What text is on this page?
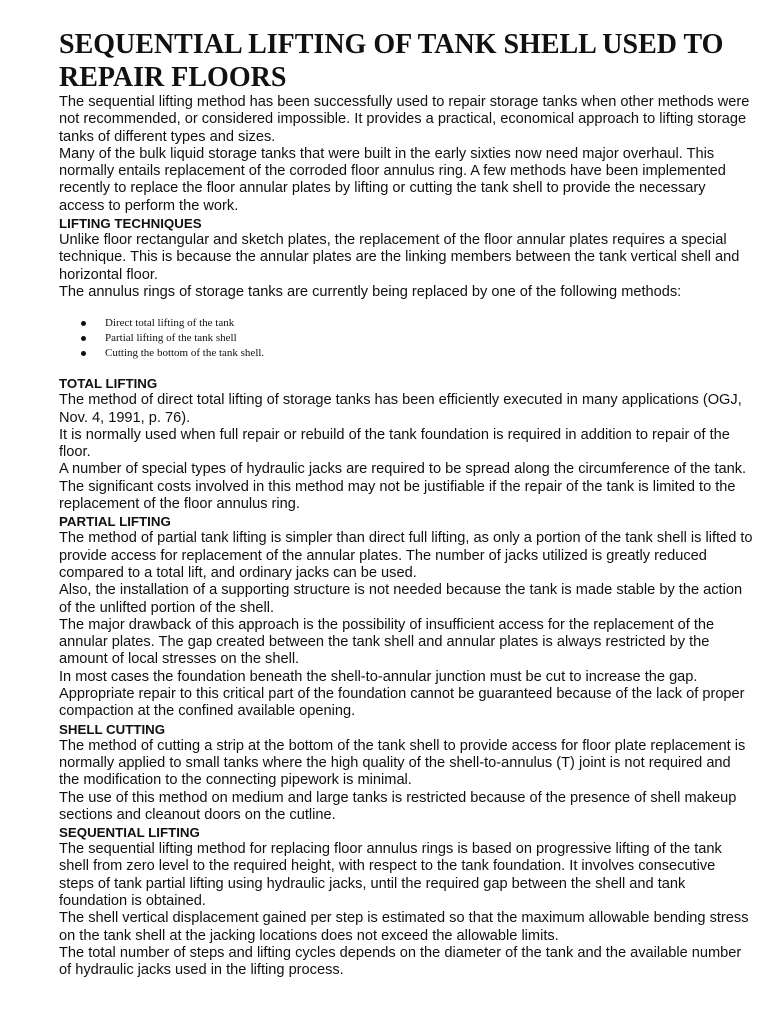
SEQUENTIAL LIFTING OF TANK SHELL USED TO REPAIR FLOORS

The sequential lifting method has been successfully used to repair storage tanks when other methods were not recommended, or considered impossible. It provides a practical, economical approach to lifting storage tanks of different types and sizes.

Many of the bulk liquid storage tanks that were built in the early sixties now need major overhaul. This normally entails replacement of the corroded floor annulus ring. A few methods have been implemented recently to replace the floor annular plates by lifting or cutting the tank shell to provide the necessary access to perform the work.

LIFTING TECHNIQUES

Unlike floor rectangular and sketch plates, the replacement of the floor annular plates requires a special technique. This is because the annular plates are the linking members between the tank vertical shell and horizontal floor.

The annulus rings of storage tanks are currently being replaced by one of the following methods:

Direct total lifting of the tank
Partial lifting of the tank shell
Cutting the bottom of the tank shell.
TOTAL LIFTING

The method of direct total lifting of storage tanks has been efficiently executed in many applications (OGJ, Nov. 4, 1991, p. 76).

It is normally used when full repair or rebuild of the tank foundation is required in addition to repair of the floor.

A number of special types of hydraulic jacks are required to be spread along the circumference of the tank.

The significant costs involved in this method may not be justifiable if the repair of the tank is limited to the replacement of the floor annulus ring.

PARTIAL LIFTING

The method of partial tank lifting is simpler than direct full lifting, as only a portion of the tank shell is lifted to provide access for replacement of the annular plates. The number of jacks utilized is greatly reduced compared to a total lift, and ordinary jacks can be used.

Also, the installation of a supporting structure is not needed because the tank is made stable by the action of the unlifted portion of the shell.

The major drawback of this approach is the possibility of insufficient access for the replacement of the annular plates. The gap created between the tank shell and annular plates is always restricted by the amount of local stresses on the shell.

In most cases the foundation beneath the shell-to-annular junction must be cut to increase the gap. Appropriate repair to this critical part of the foundation cannot be guaranteed because of the lack of proper compaction at the confined available opening.

SHELL CUTTING

The method of cutting a strip at the bottom of the tank shell to provide access for floor plate replacement is normally applied to small tanks where the high quality of the shell-to-annulus (T) joint is not required and the modification to the connecting pipework is minimal.

The use of this method on medium and large tanks is restricted because of the presence of shell makeup sections and cleanout doors on the cutline.

SEQUENTIAL LIFTING

The sequential lifting method for replacing floor annulus rings is based on progressive lifting of the tank shell from zero level to the required height, with respect to the tank foundation. It involves consecutive steps of tank partial lifting using hydraulic jacks, until the required gap between the shell and tank foundation is obtained.

The shell vertical displacement gained per step is estimated so that the maximum allowable bending stress on the tank shell at the jacking locations does not exceed the allowable limits.

The total number of steps and lifting cycles depends on the diameter of the tank and the available number of hydraulic jacks used in the lifting process.
